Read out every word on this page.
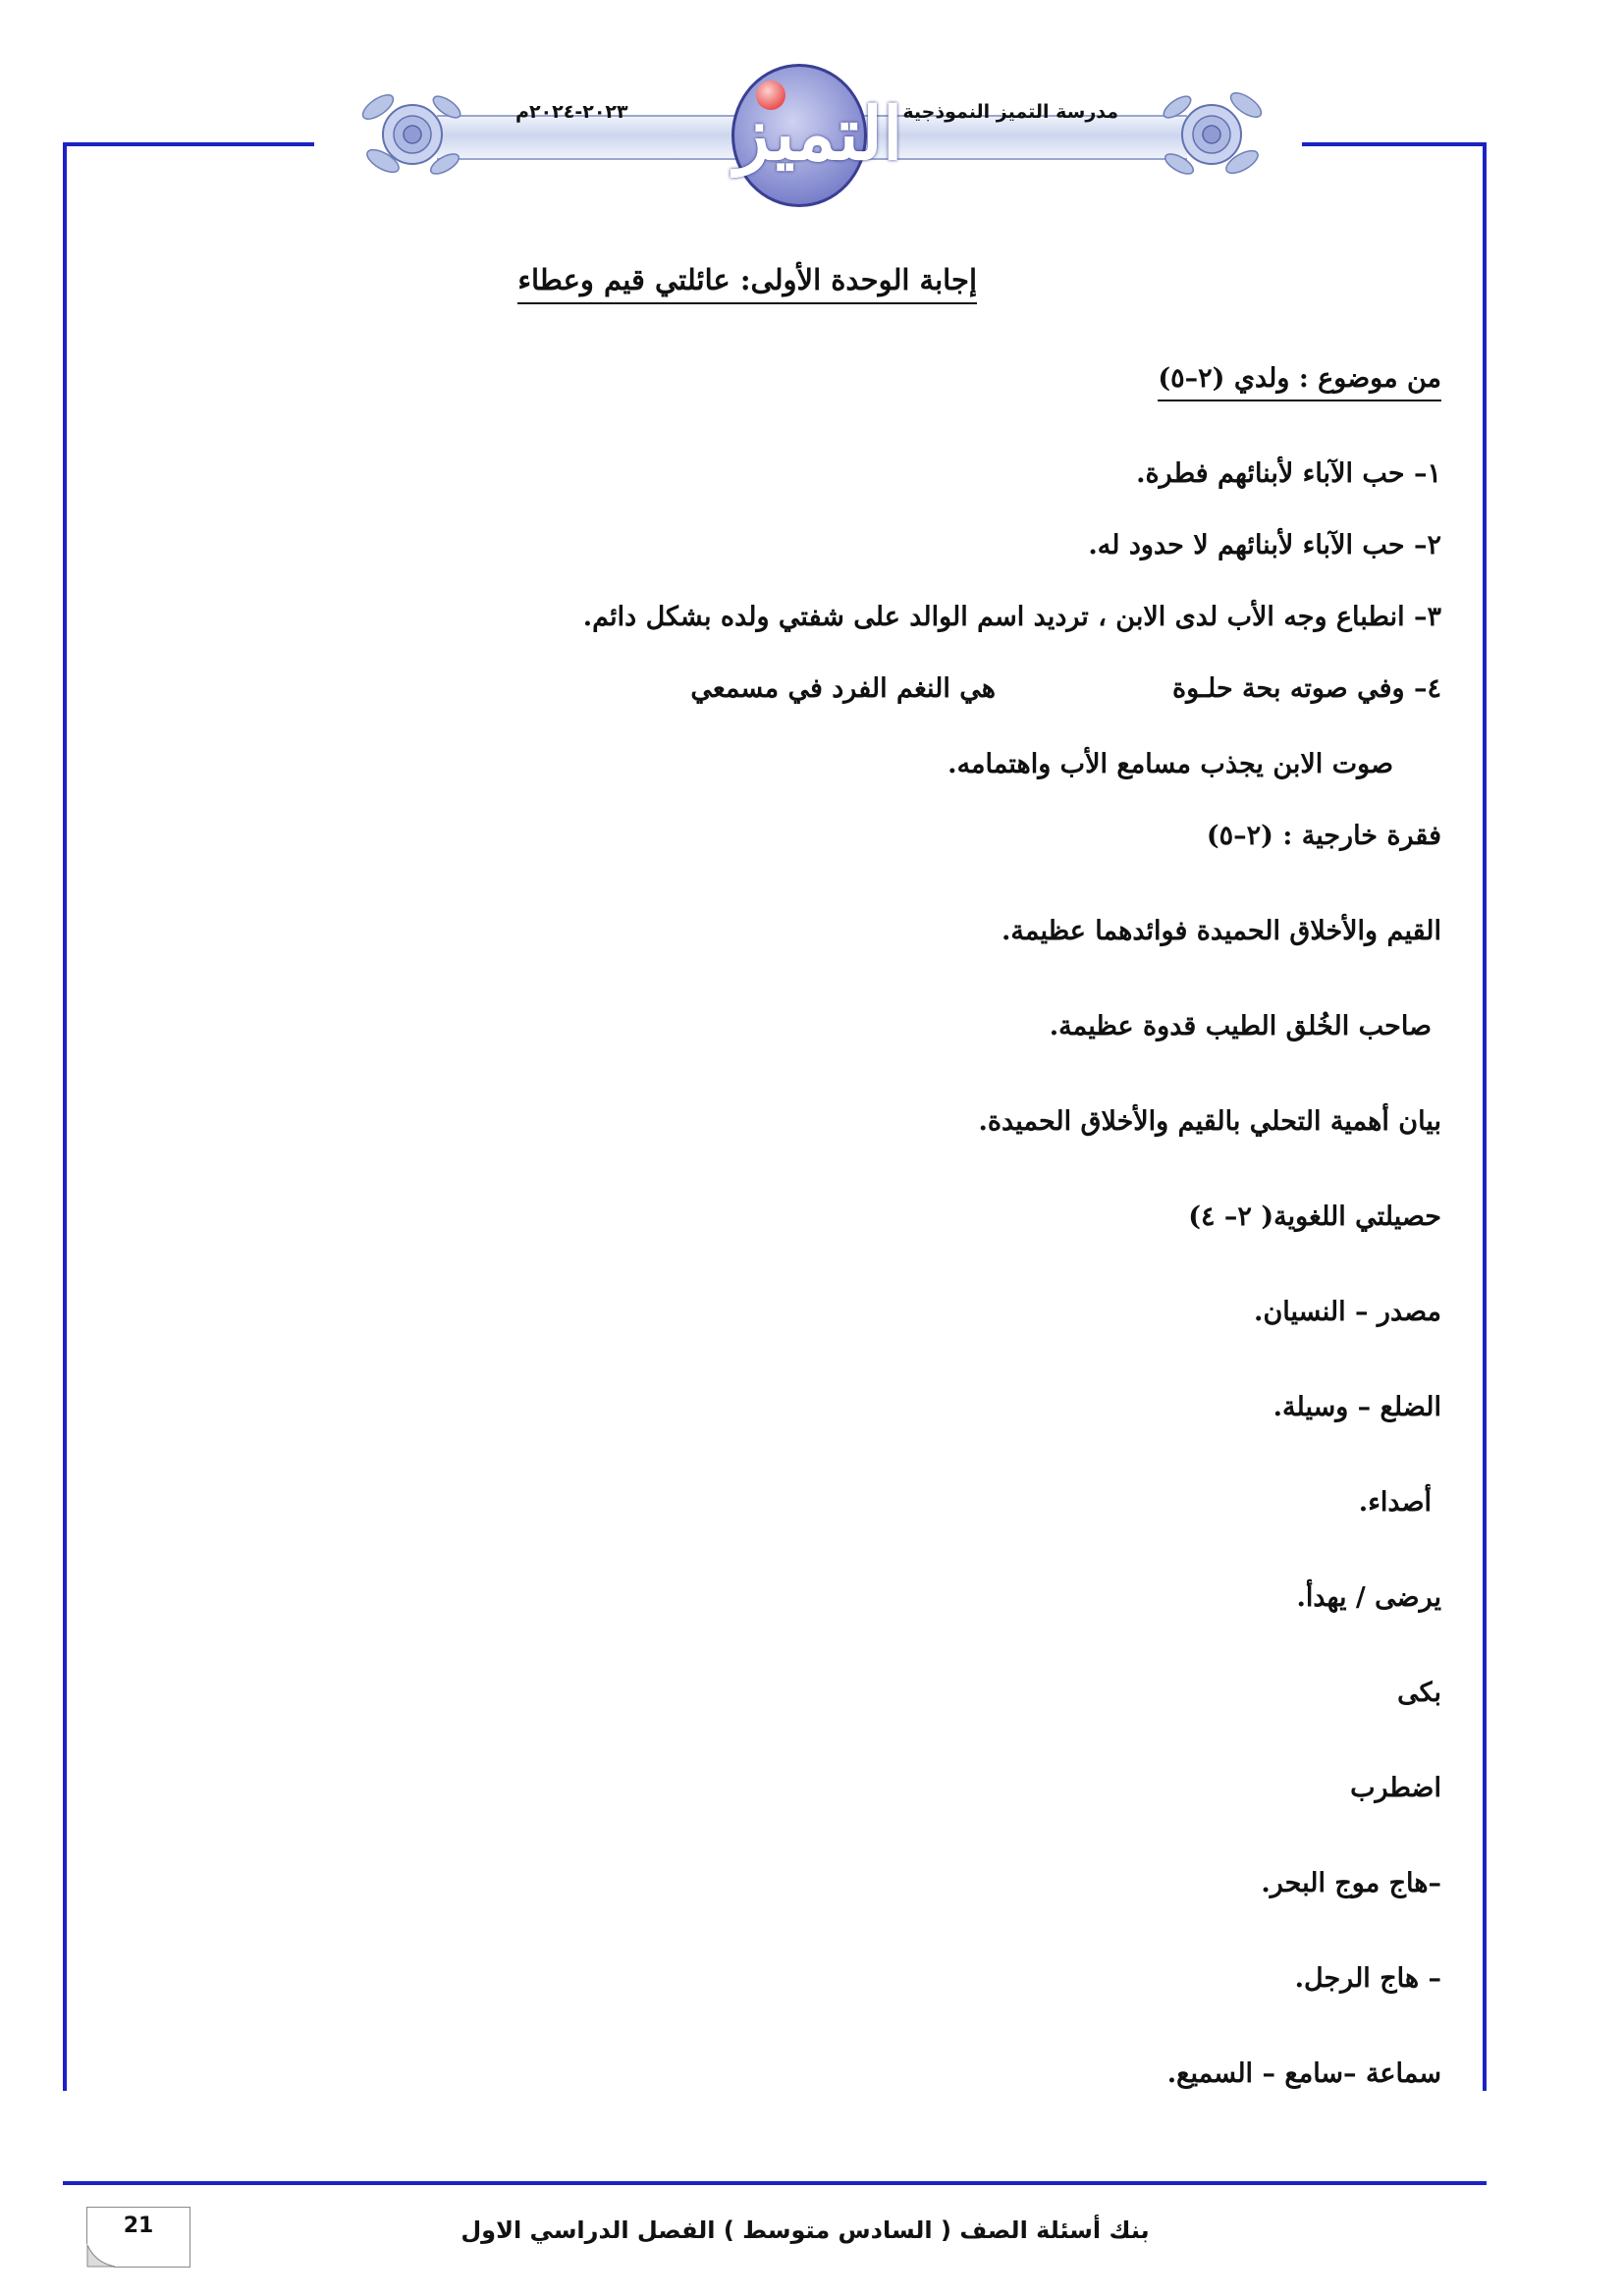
مدرسة التميز النموذجية
٢٠٢٣-٢٠٢٤م التميز
إجابة الوحدة الأولى: عائلتي قيم وعطاء
من موضوع : ولدي (٢–٥)
١– حب الآباء لأبنائهم فطرة.
٢– حب الآباء لأبنائهم لا حدود له.
٣– انطباع وجه الأب لدى الابن ، ترديد اسم الوالد على شفتي ولده بشكل دائم.
٤– وفي صوته بحة حلـوة
هي النغم الفرد في مسمعي
صوت الابن يجذب مسامع الأب واهتمامه.
فقرة خارجية : (٢–٥)
القيم والأخلاق الحميدة فوائدهما عظيمة.
صاحب الخُلق الطيب قدوة عظيمة.
بيان أهمية التحلي بالقيم والأخلاق الحميدة.
حصيلتي اللغوية( ٢– ٤)
مصدر – النسيان.
الضلع – وسيلة.
أصداء.
يرضى / يهدأ.
بكى
اضطرب
–هاج موج البحر.
– هاج الرجل.
سماعة –سامع – السميع.
بنك أسئلة الصف ( السادس متوسط ) الفصل الدراسي الاول
21
